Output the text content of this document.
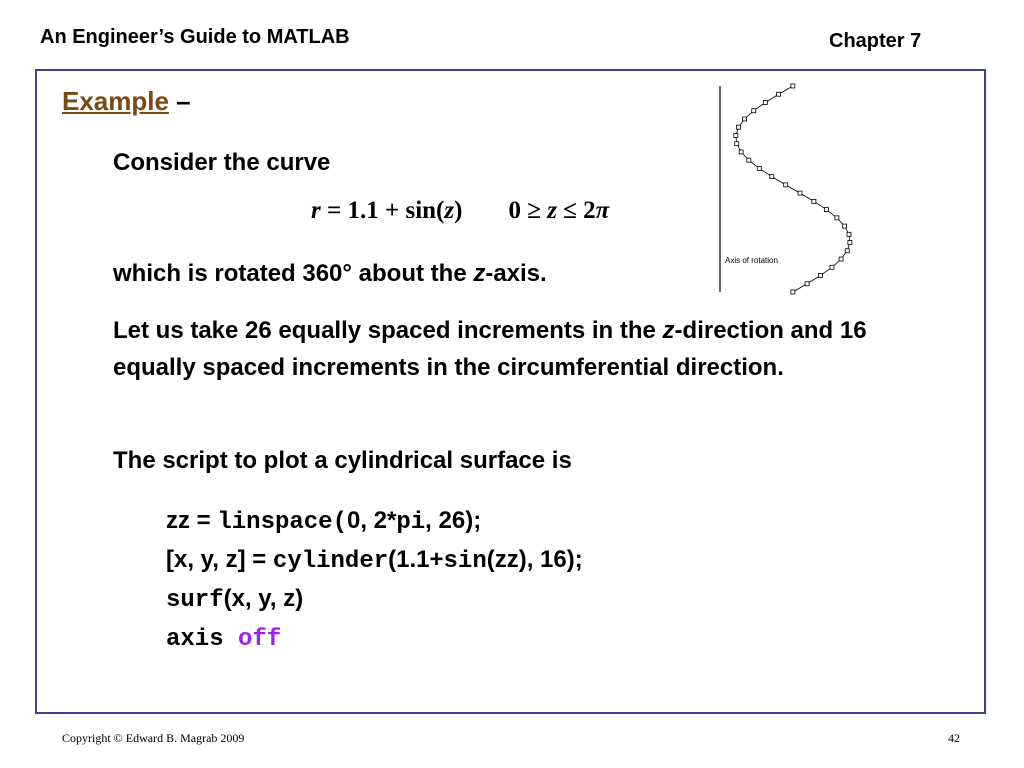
An Engineer’s Guide to MATLAB	Chapter 7
Example –
Consider the curve
r = 1.1 + sin(z) 0 ≥ z ≤ 2π
which is rotated 360° about the z-axis.
Let us take 26 equally spaced increments in the z-direction and 16 equally spaced increments in the circumferential direction.
The script to plot a cylindrical surface is
zz = linspace(0, 2*pi, 26);
[x, y, z] = cylinder(1.1+sin(zz), 16);
surf(x, y, z)
axis off
Axis of rotation
Copyright © Edward B. Magrab 2009	42
